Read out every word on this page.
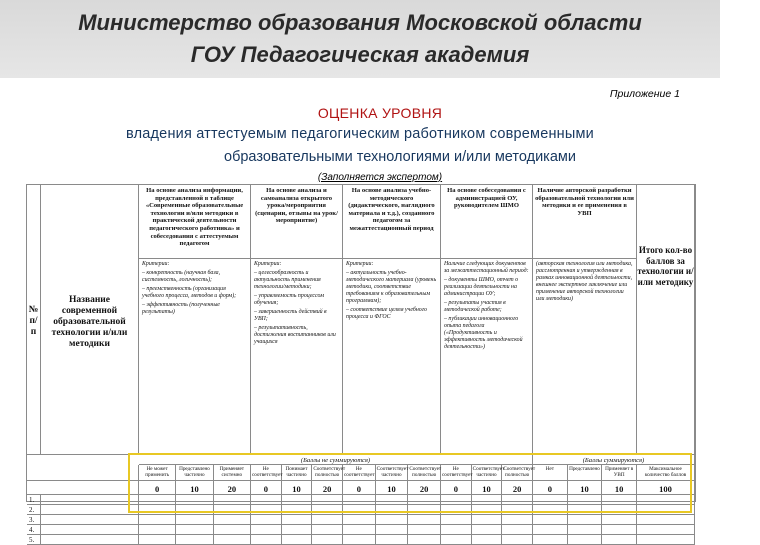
Министерство образования Московской области
ГОУ Педагогическая академия
Приложение 1
ОЦЕНКА УРОВНЯ
владения аттестуемым педагогическим работником современными
образовательными технологиями и/или методиками
(Заполняется экспертом)
№ п/п
Название современной образовательной технологии и/или методики
На основе анализа информации, представленной в таблице «Современные образовательные технологии и/или методики в практической деятельности педагогического работника» и собеседования с аттестуемым педагогом

Критерии:

– конкретность (научная база, системность, логичность);

– преемственность (организация учебного процесса, методов и форм);

– эффективность (полученные результаты)

На основе анализа и самоанализа открытого урока/мероприятия (сценарии, отзывы на урок/мероприятие)

Критерии:

– целесообразность и актуальность применения технологии/методики;

– управляемость процессом обучения;

– завершенность действий в УВП;

– результативность, достижения воспитанников или учащихся

На основе анализа учебно-методического (дидактического, наглядного материала и т.д.), созданного педагогом за межаттестационный период

Критерии:

– актуальность учебно-методического материала (уровень методики, соответствие требованиям к образовательным программам);

– соответствие целям учебного процесса и ФГОС

На основе собеседования с администрацией ОУ, руководителем ШМО

Наличие следующих документов за межаттестационный период:

– документы ШМО, отчет о реализации деятельности на администрации ОУ;

– результаты участия в методической работе;

– публикации инновационного опыта педагога («Продуктивность и эффективность методической деятельности»)

Наличие авторской разработки образовательной технологии или методики и ее применения в УВП

(авторская технология или методика, рассмотренная и утвержденная в рамках инновационной деятельности, внешнее экспертное заключение или применение авторской технологии или методики)

Итого кол-во баллов за технологии и/или методику
(Баллы не суммируются)	(Баллы суммируются)
Не может применить
0
Представлено частично
10
Применяет системно
20
Не соответствует
0
Понимает частично
10
Соответствует полностью
20
Не соответствует
0
Соответствует частично
10
Соответствует полностью
20
Не соответствует
0
Соответствует частично
10
Соответствует полностью
20
Нет
0
Представлено
10
Применяет в УВП
10
Максимальное количество баллов
100
1.
2.
3.
4.
5.
